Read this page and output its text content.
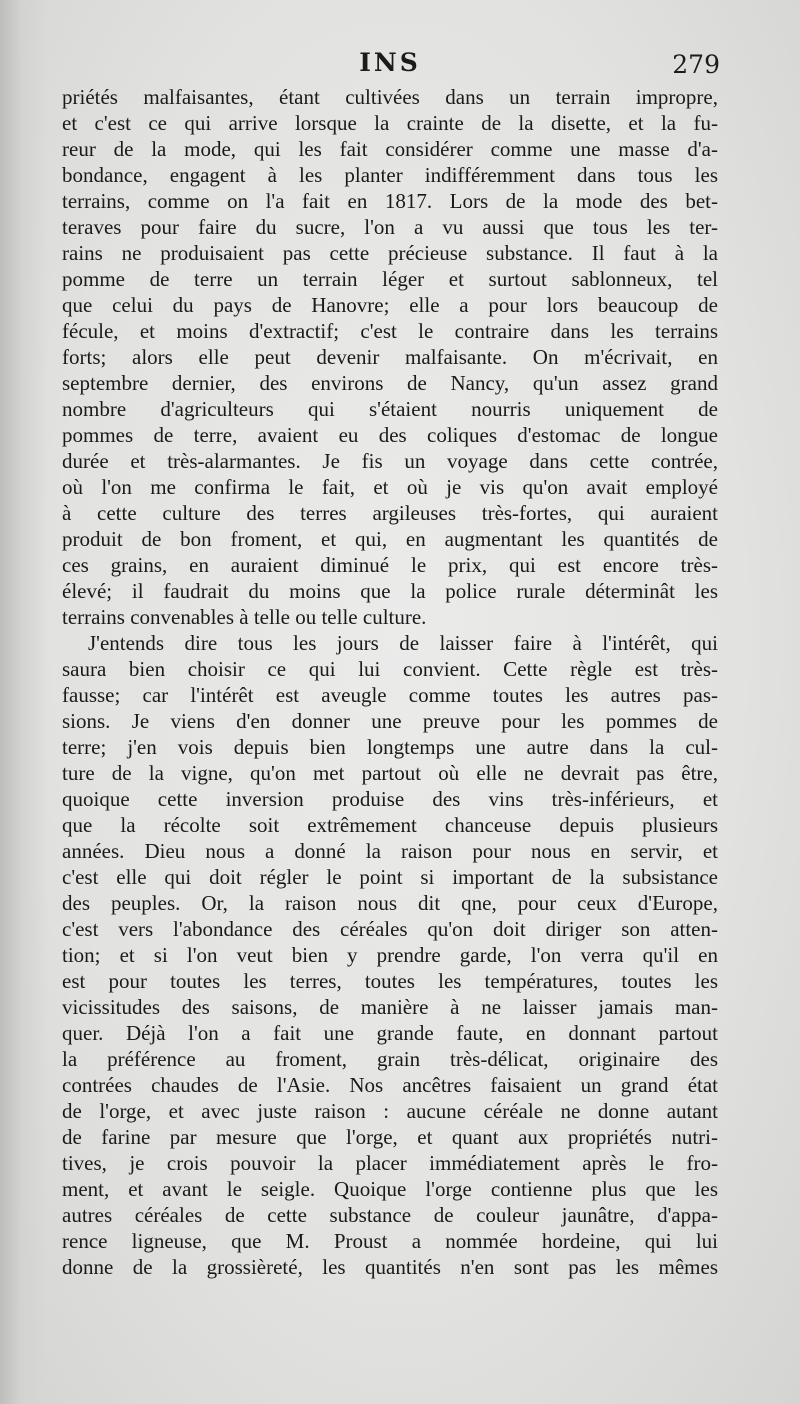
INS	279
priétés malfaisantes, étant cultivées dans un terrain impropre,
et c'est ce qui arrive lorsque la crainte de la disette, et la fu-
reur de la mode, qui les fait considérer comme une masse d'a-
bondance, engagent à les planter indifféremment dans tous les
terrains, comme on l'a fait en 1817. Lors de la mode des bet-
teraves pour faire du sucre, l'on a vu aussi que tous les ter-
rains ne produisaient pas cette précieuse substance. Il faut à la
pomme de terre un terrain léger et surtout sablonneux, tel
que celui du pays de Hanovre; elle a pour lors beaucoup de
fécule, et moins d'extractif; c'est le contraire dans les terrains
forts; alors elle peut devenir malfaisante. On m'écrivait, en
septembre dernier, des environs de Nancy, qu'un assez grand
nombre d'agriculteurs qui s'étaient nourris uniquement de
pommes de terre, avaient eu des coliques d'estomac de longue
durée et très-alarmantes. Je fis un voyage dans cette contrée,
où l'on me confirma le fait, et où je vis qu'on avait employé
à cette culture des terres argileuses très-fortes, qui auraient
produit de bon froment, et qui, en augmentant les quantités de
ces grains, en auraient diminué le prix, qui est encore très-
élevé; il faudrait du moins que la police rurale déterminât les
terrains convenables à telle ou telle culture.
J'entends dire tous les jours de laisser faire à l'intérêt, qui
saura bien choisir ce qui lui convient. Cette règle est très-
fausse; car l'intérêt est aveugle comme toutes les autres pas-
sions. Je viens d'en donner une preuve pour les pommes de
terre; j'en vois depuis bien longtemps une autre dans la cul-
ture de la vigne, qu'on met partout où elle ne devrait pas être,
quoique cette inversion produise des vins très-inférieurs, et
que la récolte soit extrêmement chanceuse depuis plusieurs
années. Dieu nous a donné la raison pour nous en servir, et
c'est elle qui doit régler le point si important de la subsistance
des peuples. Or, la raison nous dit qne, pour ceux d'Europe,
c'est vers l'abondance des céréales qu'on doit diriger son atten-
tion; et si l'on veut bien y prendre garde, l'on verra qu'il en
est pour toutes les terres, toutes les températures, toutes les
vicissitudes des saisons, de manière à ne laisser jamais man-
quer. Déjà l'on a fait une grande faute, en donnant partout
la préférence au froment, grain très-délicat, originaire des
contrées chaudes de l'Asie. Nos ancêtres faisaient un grand état
de l'orge, et avec juste raison : aucune céréale ne donne autant
de farine par mesure que l'orge, et quant aux propriétés nutri-
tives, je crois pouvoir la placer immédiatement après le fro-
ment, et avant le seigle. Quoique l'orge contienne plus que les
autres céréales de cette substance de couleur jaunâtre, d'appa-
rence ligneuse, que M. Proust a nommée hordeine, qui lui
donne de la grossièreté, les quantités n'en sont pas les mêmes
